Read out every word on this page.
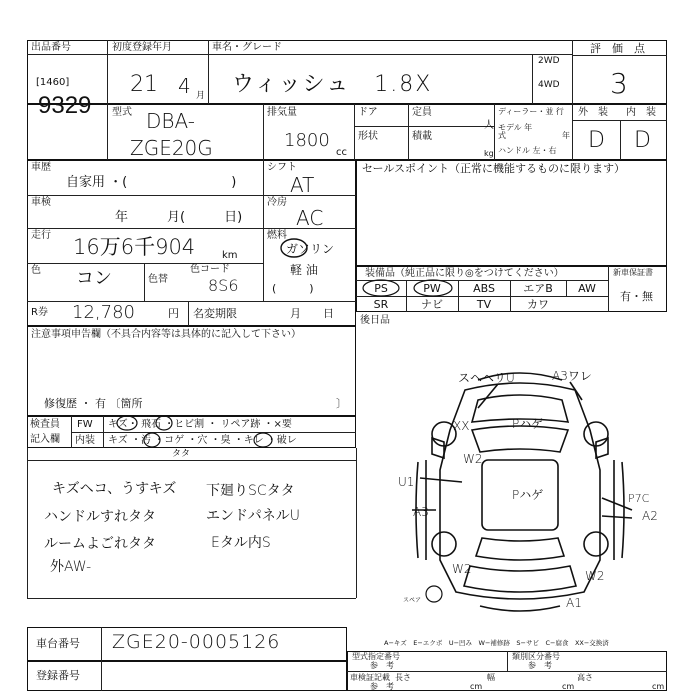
出品番号	初度登録年月	車名・グレード	評　価　点
[1460]
9329
21 4 月 ウィッシュ　1.8X
2WD
4WD 3
型式 DBA-
ZGE20G
排気量
1800
cc
ドア	定員
人
形状	積載
kg
ディーラー・並 行
モデル 年式	年
ハンドル 左・右
外　装 内　装
D D
車歴
自家用 ・(　　　　　　　　)
シフト
AT
車検
年　　　月(　　　日)
冷房
AC
走行 16万6千904	km
燃料
ガソリン
軽 油
(　　　)
色 コン	色替
色コード
8S6
R券 12,780	円 名変期限	月　　日
注意事項申告欄（不具合内容等は具体的に記入して下さい）
修復歴 ・ 有 〔箇所	〕
検査員
記入欄
FW キズ・ 飛石 ・ヒビ割 ・ リペア跡 ・×要
内装 キズ ・汚 ・コゲ ・穴 ・臭 ・キレ ・破レ
タタ
キズヘコ、うすキズ
ハンドルすれタタ
ルームよごれタタ
外AW-
下廻りSCタタ
エンドパネルU
Eタル内S
セールスポイント（正常に機能するものに限ります）
装備品（純正品に限り◎をつけてください）	新車保証書
有・無
PS	PW	ABS	エアB	AW
SR	ナビ	TV	カワ
後日品
スヘヘリU	A3ワレ
XX	Pハゲ
W2
U1
Pハゲ	P7C
A3	A2
W2	W2
A1
スペア
A−キズ　E−エクボ　U−凹み　W−補修跡　S−サビ　C−腐食　XX−交換済
車台番号 ZGE20-0005126
登録番号
型式指定番号
参　考
類別区分番号
参　考
車検証記載
参　考
長さ	幅	高さ
cm	cm	cm
